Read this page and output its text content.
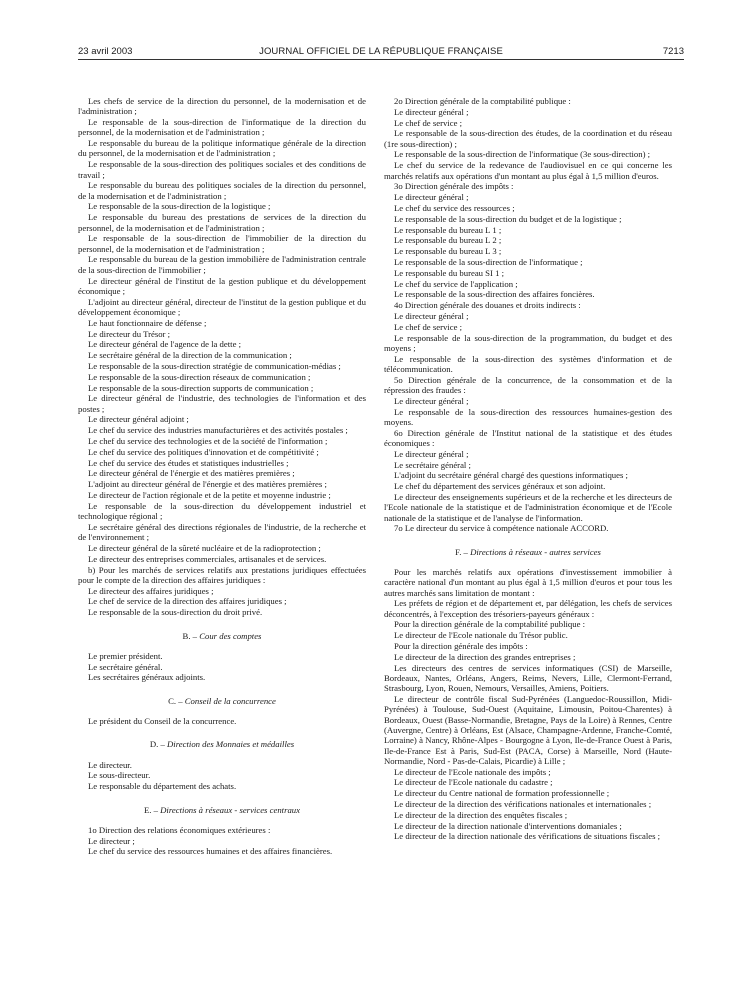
23 avril 2003	JOURNAL OFFICIEL DE LA RÉPUBLIQUE FRANÇAISE	7213

Les chefs de service de la direction du personnel, de la modernisation et de l'administration ;

Le responsable de la sous-direction de l'informatique de la direction du personnel, de la modernisation et de l'administration ;

Le responsable du bureau de la politique informatique générale de la direction du personnel, de la modernisation et de l'administration ;

Le responsable de la sous-direction des politiques sociales et des conditions de travail ;

Le responsable du bureau des politiques sociales de la direction du personnel, de la modernisation et de l'administration ;

Le responsable de la sous-direction de la logistique ;

Le responsable du bureau des prestations de services de la direction du personnel, de la modernisation et de l'administration ;

Le responsable de la sous-direction de l'immobilier de la direction du personnel, de la modernisation et de l'administration ;

Le responsable du bureau de la gestion immobilière de l'administration centrale de la sous-direction de l'immobilier ;

Le directeur général de l'institut de la gestion publique et du développement économique ;

L'adjoint au directeur général, directeur de l'institut de la gestion publique et du développement économique ;

Le haut fonctionnaire de défense ;

Le directeur du Trésor ;

Le directeur général de l'agence de la dette ;

Le secrétaire général de la direction de la communication ;

Le responsable de la sous-direction stratégie de communication-médias ;

Le responsable de la sous-direction réseaux de communication ;

Le responsable de la sous-direction supports de communication ;

Le directeur général de l'industrie, des technologies de l'information et des postes ;

Le directeur général adjoint ;

Le chef du service des industries manufacturières et des activités postales ;

Le chef du service des technologies et de la société de l'information ;

Le chef du service des politiques d'innovation et de compétitivité ;

Le chef du service des études et statistiques industrielles ;

Le directeur général de l'énergie et des matières premières ;

L'adjoint au directeur général de l'énergie et des matières premières ;

Le directeur de l'action régionale et de la petite et moyenne industrie ;

Le responsable de la sous-direction du développement industriel et technologique régional ;

Le secrétaire général des directions régionales de l'industrie, de la recherche et de l'environnement ;

Le directeur général de la sûreté nucléaire et de la radioprotection ;

Le directeur des entreprises commerciales, artisanales et de services.

b) Pour les marchés de services relatifs aux prestations juridiques effectuées pour le compte de la direction des affaires juridiques :

Le directeur des affaires juridiques ;

Le chef de service de la direction des affaires juridiques ;

Le responsable de la sous-direction du droit privé.

B. – Cour des comptes

Le premier président.

Le secrétaire général.

Les secrétaires généraux adjoints.

C. – Conseil de la concurrence

Le président du Conseil de la concurrence.

D. – Direction des Monnaies et médailles

Le directeur.

Le sous-directeur.

Le responsable du département des achats.

E. – Directions à réseaux - services centraux

1o Direction des relations économiques extérieures :

Le directeur ;

Le chef du service des ressources humaines et des affaires financières.

2o Direction générale de la comptabilité publique :

Le directeur général ;

Le chef de service ;

Le responsable de la sous-direction des études, de la coordination et du réseau (1re sous-direction) ;

Le responsable de la sous-direction de l'informatique (3e sous-direction) ;

Le chef du service de la redevance de l'audiovisuel en ce qui concerne les marchés relatifs aux opérations d'un montant au plus égal à 1,5 million d'euros.

3o Direction générale des impôts :

Le directeur général ;

Le chef du service des ressources ;

Le responsable de la sous-direction du budget et de la logistique ;

Le responsable du bureau L 1 ;

Le responsable du bureau L 2 ;

Le responsable du bureau L 3 ;

Le responsable de la sous-direction de l'informatique ;

Le responsable du bureau SI 1 ;

Le chef du service de l'application ;

Le responsable de la sous-direction des affaires foncières.

4o Direction générale des douanes et droits indirects :

Le directeur général ;

Le chef de service ;

Le responsable de la sous-direction de la programmation, du budget et des moyens ;

Le responsable de la sous-direction des systèmes d'information et de télécommunication.

5o Direction générale de la concurrence, de la consommation et de la répression des fraudes :

Le directeur général ;

Le responsable de la sous-direction des ressources humaines-gestion des moyens.

6o Direction générale de l'Institut national de la statistique et des études économiques :

Le directeur général ;

Le secrétaire général ;

L'adjoint du secrétaire général chargé des questions informatiques ;

Le chef du département des services généraux et son adjoint.

Le directeur des enseignements supérieurs et de la recherche et les directeurs de l'Ecole nationale de la statistique et de l'administration économique et de l'Ecole nationale de la statistique et de l'analyse de l'information.

7o Le directeur du service à compétence nationale ACCORD.

F. – Directions à réseaux - autres services

Pour les marchés relatifs aux opérations d'investissement immobilier à caractère national d'un montant au plus égal à 1,5 million d'euros et pour tous les autres marchés sans limitation de montant :

Les préfets de région et de département et, par délégation, les chefs de services déconcentrés, à l'exception des trésoriers-payeurs généraux :

Pour la direction générale de la comptabilité publique :

Le directeur de l'Ecole nationale du Trésor public.

Pour la direction générale des impôts :

Le directeur de la direction des grandes entreprises ;

Les directeurs des centres de services informatiques (CSI) de Marseille, Bordeaux, Nantes, Orléans, Angers, Reims, Nevers, Lille, Clermont-Ferrand, Strasbourg, Lyon, Rouen, Nemours, Versailles, Amiens, Poitiers.

Le directeur de contrôle fiscal Sud-Pyrénées (Languedoc-Roussillon, Midi-Pyrénées) à Toulouse, Sud-Ouest (Aquitaine, Limousin, Poitou-Charentes) à Bordeaux, Ouest (Basse-Normandie, Bretagne, Pays de la Loire) à Rennes, Centre (Auvergne, Centre) à Orléans, Est (Alsace, Champagne-Ardenne, Franche-Comté, Lorraine) à Nancy, Rhône-Alpes - Bourgogne à Lyon, Ile-de-France Ouest à Paris, Ile-de-France Est à Paris, Sud-Est (PACA, Corse) à Marseille, Nord (Haute-Normandie, Nord - Pas-de-Calais, Picardie) à Lille ;

Le directeur de l'Ecole nationale des impôts ;

Le directeur de l'Ecole nationale du cadastre ;

Le directeur du Centre national de formation professionnelle ;

Le directeur de la direction des vérifications nationales et internationales ;

Le directeur de la direction des enquêtes fiscales ;

Le directeur de la direction nationale d'interventions domaniales ;

Le directeur de la direction nationale des vérifications de situations fiscales ;
